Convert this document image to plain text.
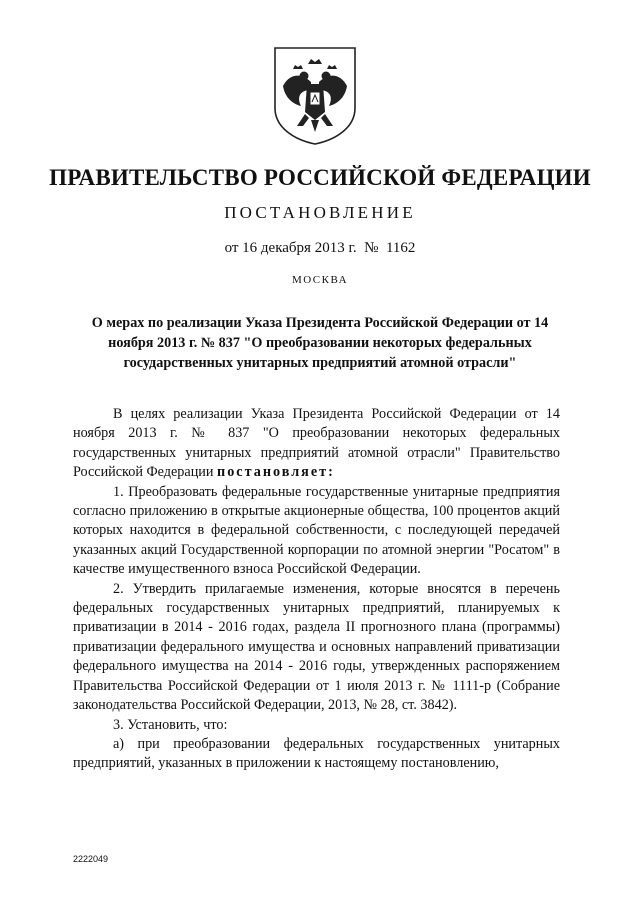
ПРАВИТЕЛЬСТВО РОССИЙСКОЙ ФЕДЕРАЦИИ
ПОСТАНОВЛЕНИЕ
от 16 декабря 2013 г. № 1162
МОСКВА
О мерах по реализации Указа Президента Российской Федерации от 14 ноября 2013 г. № 837 "О преобразовании некоторых федеральных государственных унитарных предприятий атомной отрасли"

В целях реализации Указа Президента Российской Федерации от 14 ноября 2013 г. № 837 "О преобразовании некоторых федеральных государственных унитарных предприятий атомной отрасли" Правительство Российской Федерации постановляет:

1. Преобразовать федеральные государственные унитарные предприятия согласно приложению в открытые акционерные общества, 100 процентов акций которых находится в федеральной собственности, с последующей передачей указанных акций Государственной корпорации по атомной энергии "Росатом" в качестве имущественного взноса Российской Федерации.

2. Утвердить прилагаемые изменения, которые вносятся в перечень федеральных государственных унитарных предприятий, планируемых к приватизации в 2014 - 2016 годах, раздела II прогнозного плана (программы) приватизации федерального имущества и основных направлений приватизации федерального имущества на 2014 - 2016 годы, утвержденных распоряжением Правительства Российской Федерации от 1 июля 2013 г. № 1111-р (Собрание законодательства Российской Федерации, 2013, № 28, ст. 3842).

3. Установить, что:

а) при преобразовании федеральных государственных унитарных предприятий, указанных в приложении к настоящему постановлению,

2222049
